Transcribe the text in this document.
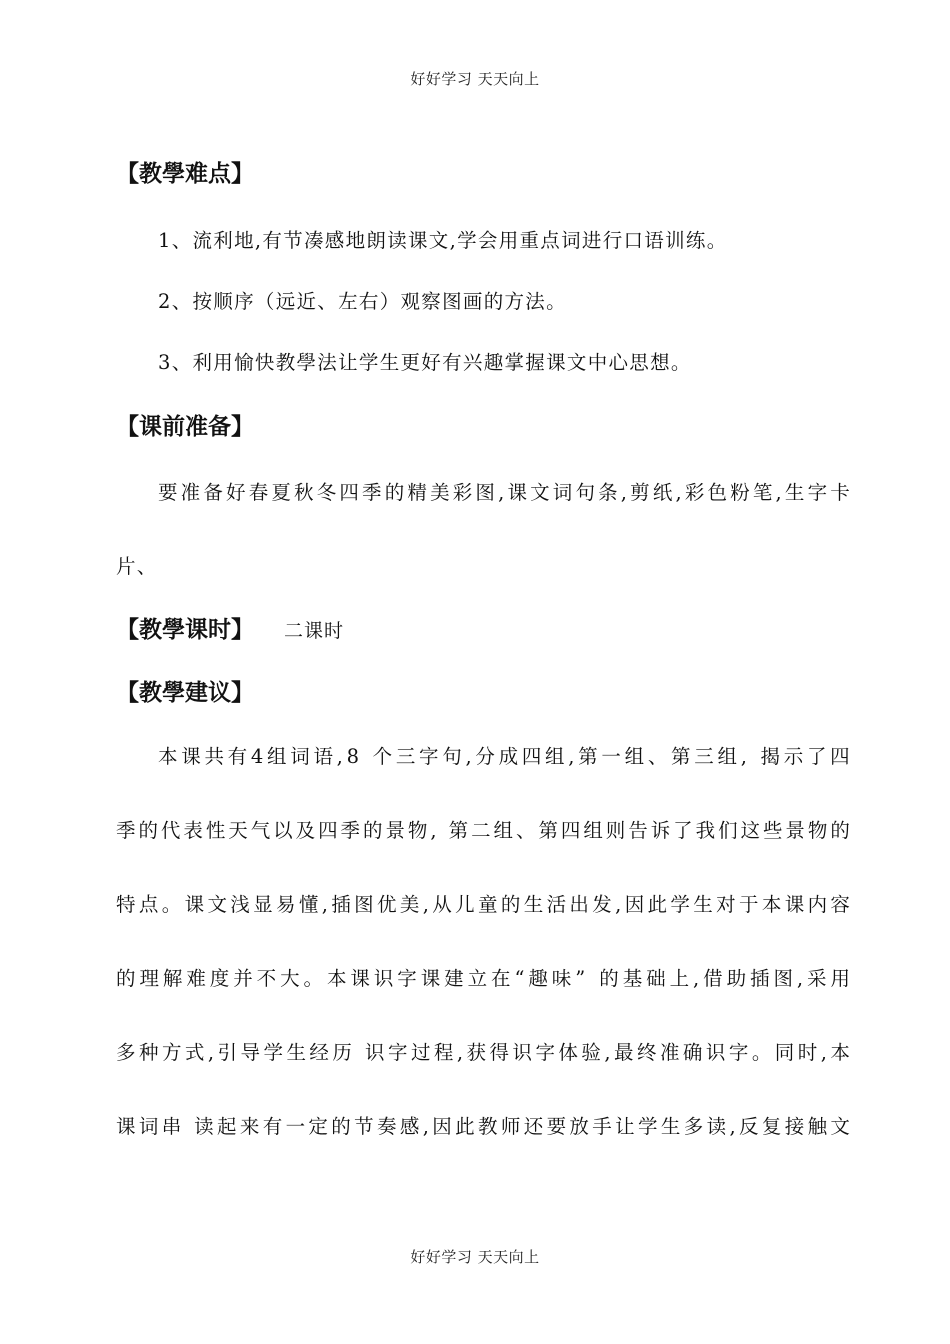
好好学习 天天向上
【教學难点】
1、流利地,有节凑感地朗读课文,学会用重点词进行口语训练。
2、按顺序（远近、左右）观察图画的方法。
3、利用愉快教學法让学生更好有兴趣掌握课文中心思想。
【课前准备】
要 准 备 好 春 夏 秋 冬 四 季 的 精 美 彩 图 , 课 文 词 句 条 , 剪 纸 , 彩 色 粉 笔 , 生 字 卡
片、
【教學课时】 二课时
【教學建议】
本 课 共 有 4 组 词 语 , 8
个 三 字 句 , 分 成 四 组 , 第 一 组 、 第 三 组 ,
揭 示 了 四
季 的 代 表 性 天 气 以 及 四 季 的 景 物 ,
第 二 组 、 第 四 组 则 告 诉 了 我 们 这 些 景 物 的
特 点 。 课 文 浅 显 易 懂 , 插 图 优 美 , 从 儿 童 的 生 活 出 发 , 因 此 学 生 对 于 本 课 内 容
的 理 解 难 度 并 不 大 。 本 课 识 字 课 建 立 在 “ 趣 味 ”
的 基 础 上 , 借 助 插 图 , 采 用
多 种 方 式 , 引 导 学 生 经 历
识 字 过 程 , 获 得 识 字 体 验 , 最 终 准 确 识 字 。 同 时 , 本
课 词 串
读 起 来 有 一 定 的 节 奏 感 , 因 此 教 师 还 要 放 手 让 学 生 多 读 , 反 复 接 触 文
好好学习 天天向上
